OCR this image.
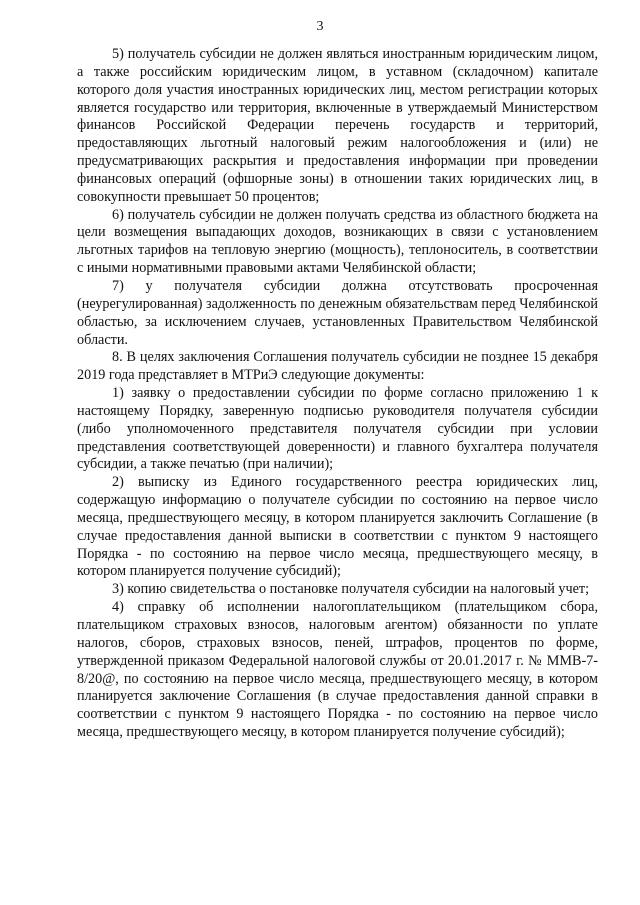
3

5) получатель субсидии не должен являться иностранным юридическим лицом, а также российским юридическим лицом, в уставном (складочном) капитале которого доля участия иностранных юридических лиц, местом регистрации которых является государство или территория, включенные в утверждаемый Министерством финансов Российской Федерации перечень государств и территорий, предоставляющих льготный налоговый режим налогообложения и (или) не предусматривающих раскрытия и предоставления информации при проведении финансовых операций (офшорные зоны) в отношении таких юридических лиц, в совокупности превышает 50 процентов;

6) получатель субсидии не должен получать средства из областного бюджета на цели возмещения выпадающих доходов, возникающих в связи с установлением льготных тарифов на тепловую энергию (мощность), теплоноситель, в соответствии с иными нормативными правовыми актами Челябинской области;

7) у получателя субсидии должна отсутствовать просроченная (неурегулированная) задолженность по денежным обязательствам перед Челябинской областью, за исключением случаев, установленных Правительством Челябинской области.

8. В целях заключения Соглашения получатель субсидии не позднее 15 декабря 2019 года представляет в МТРиЭ следующие документы:

1) заявку о предоставлении субсидии по форме согласно приложению 1 к настоящему Порядку, заверенную подписью руководителя получателя субсидии (либо уполномоченного представителя получателя субсидии при условии представления соответствующей доверенности) и главного бухгалтера получателя субсидии, а также печатью (при наличии);

2) выписку из Единого государственного реестра юридических лиц, содержащую информацию о получателе субсидии по состоянию на первое число месяца, предшествующего месяцу, в котором планируется заключить Соглашение (в случае предоставления данной выписки в соответствии с пунктом 9 настоящего Порядка - по состоянию на первое число месяца, предшествующего месяцу, в котором планируется получение субсидий);

3) копию свидетельства о постановке получателя субсидии на налоговый учет;

4) справку об исполнении налогоплательщиком (плательщиком сбора, плательщиком страховых взносов, налоговым агентом) обязанности по уплате налогов, сборов, страховых взносов, пеней, штрафов, процентов по форме, утвержденной приказом Федеральной налоговой службы от 20.01.2017 г. № ММВ-7-8/20@, по состоянию на первое число месяца, предшествующего месяцу, в котором планируется заключение Соглашения (в случае предоставления данной справки в соответствии с пунктом 9 настоящего Порядка - по состоянию на первое число месяца, предшествующего месяцу, в котором планируется получение субсидий);
